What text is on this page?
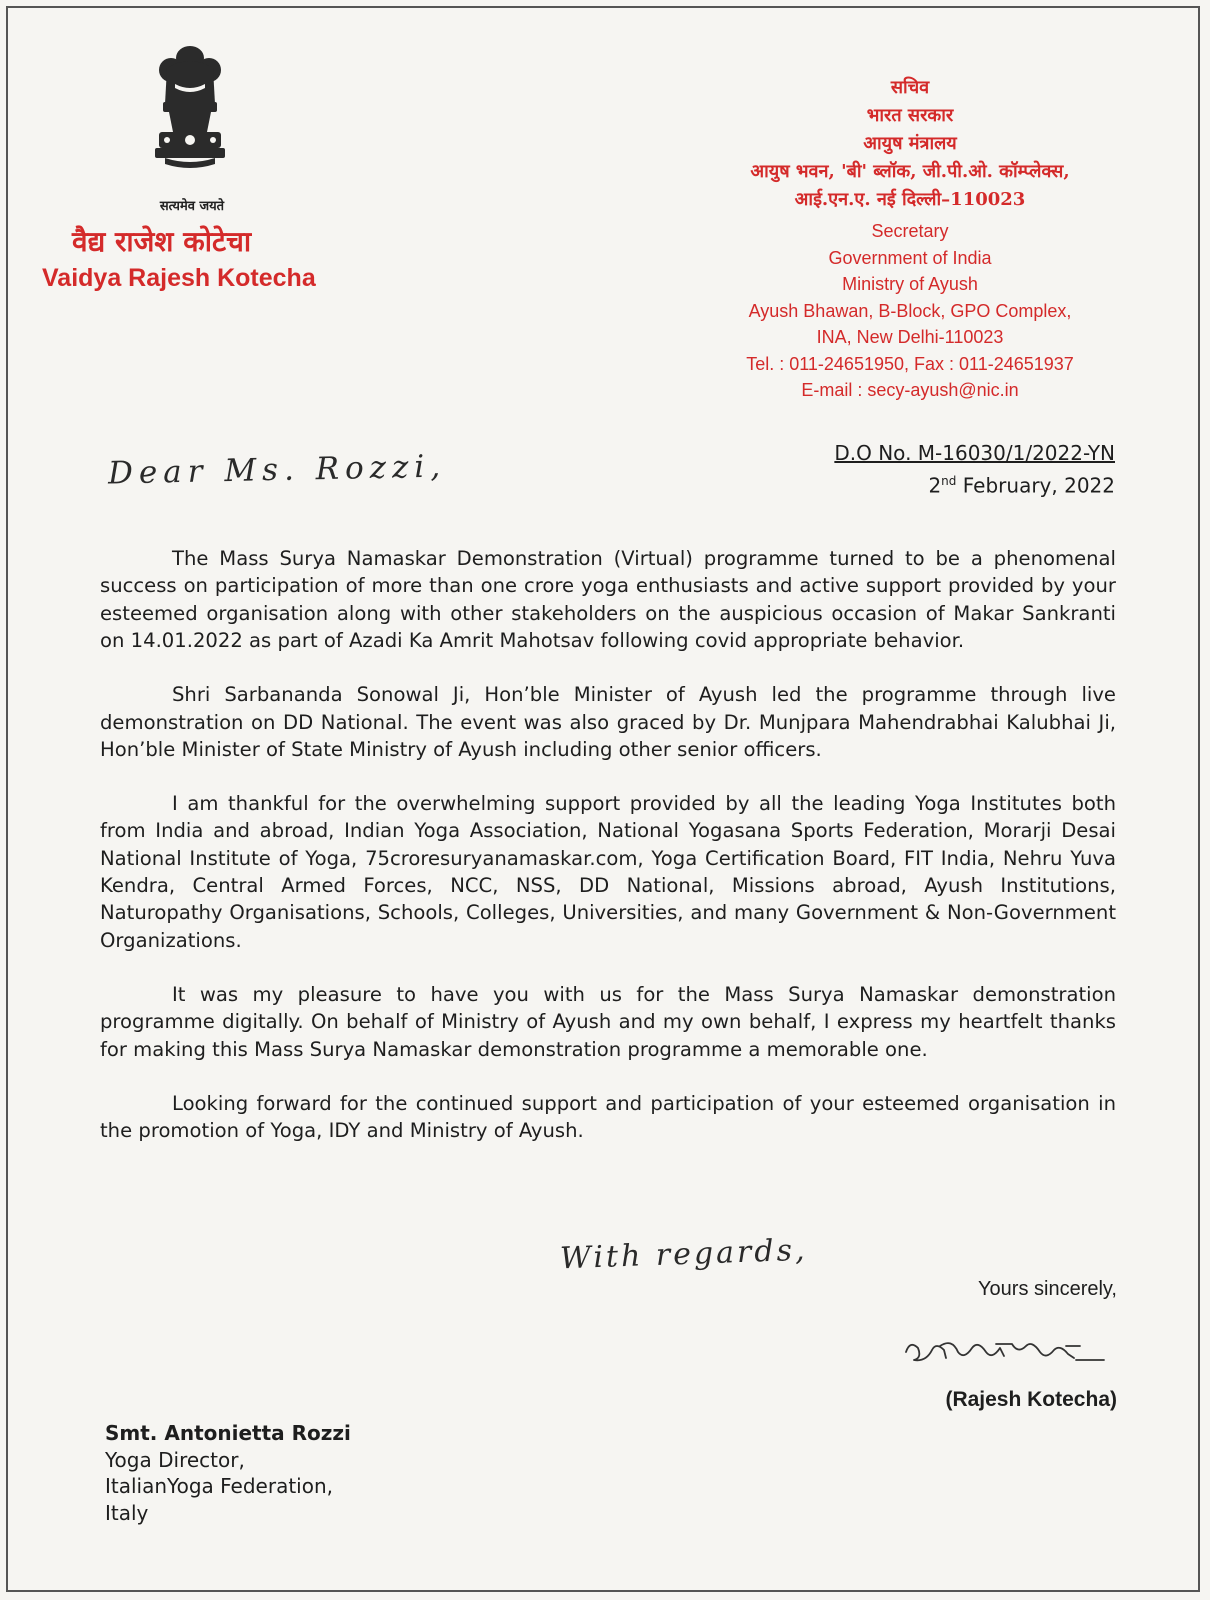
सत्यमेव जयते
वैद्य राजेश कोटेचा
Vaidya Rajesh Kotecha
सचिव
भारत सरकार
आयुष मंत्रालय
आयुष भवन, 'बी' ब्लॉक, जी.पी.ओ. कॉम्प्लेक्स,
आई.एन.ए. नई दिल्ली–110023
Secretary
Government of India
Ministry of Ayush
Ayush Bhawan, B-Block, GPO Complex,
INA, New Delhi-110023
Tel. : 011-24651950, Fax : 011-24651937
E-mail : secy-ayush@nic.in
D.O No. M-16030/1/2022-YN
2nd February, 2022
Dear Ms. Rozzi,

The Mass Surya Namaskar Demonstration (Virtual) programme turned to be a phenomenal success on participation of more than one crore yoga enthusiasts and active support provided by your esteemed organisation along with other stakeholders on the auspicious occasion of Makar Sankranti on 14.01.2022 as part of Azadi Ka Amrit Mahotsav following covid appropriate behavior.

Shri Sarbananda Sonowal Ji, Hon’ble Minister of Ayush led the programme through live demonstration on DD National. The event was also graced by Dr. Munjpara Mahendrabhai Kalubhai Ji, Hon’ble Minister of State Ministry of Ayush including other senior officers.

I am thankful for the overwhelming support provided by all the leading Yoga Institutes both from India and abroad, Indian Yoga Association, National Yogasana Sports Federation, Morarji Desai National Institute of Yoga, 75croresuryanamaskar.com, Yoga Certification Board, FIT India, Nehru Yuva Kendra, Central Armed Forces, NCC, NSS, DD National, Missions abroad, Ayush Institutions, Naturopathy Organisations, Schools, Colleges, Universities, and many Government & Non-Government Organizations.

It was my pleasure to have you with us for the Mass Surya Namaskar demonstration programme digitally. On behalf of Ministry of Ayush and my own behalf, I express my heartfelt thanks for making this Mass Surya Namaskar demonstration programme a memorable one.

Looking forward for the continued support and participation of your esteemed organisation in the promotion of Yoga, IDY and Ministry of Ayush.

With regards,
Yours sincerely,
(Rajesh Kotecha)
Smt. Antonietta Rozzi
Yoga Director,
ItalianYoga Federation,
Italy
